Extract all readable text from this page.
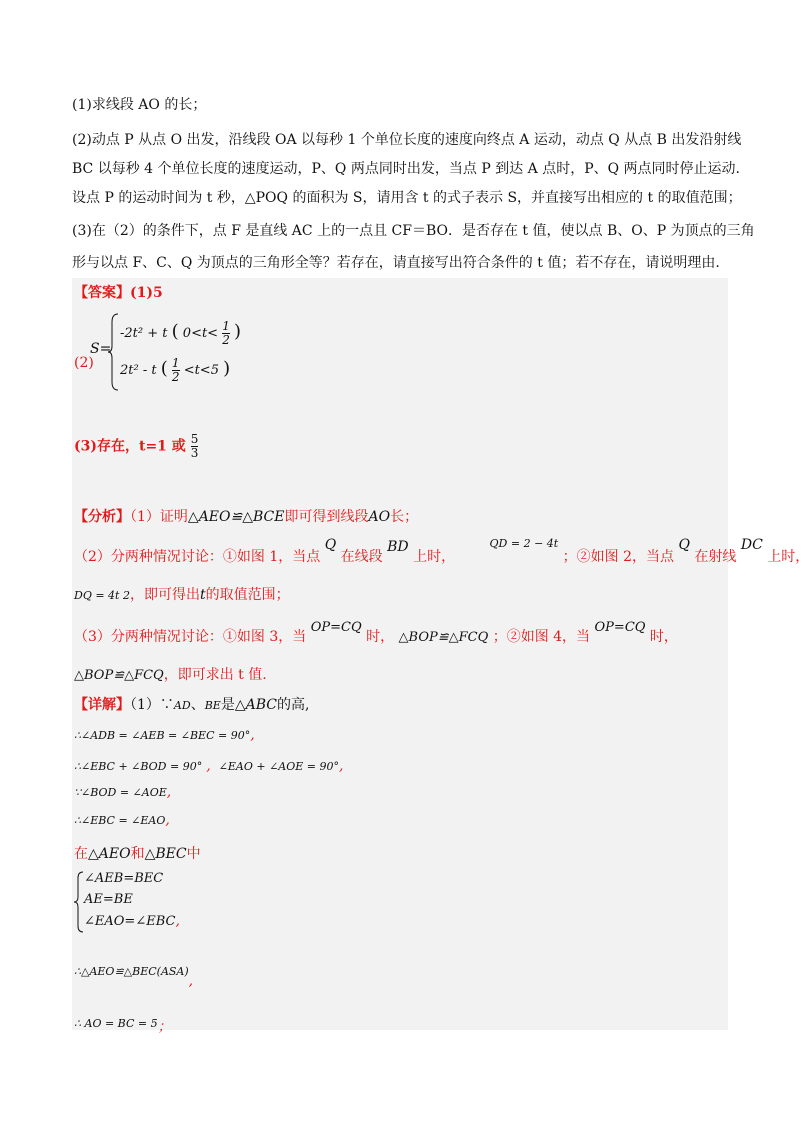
(1)求线段 AO 的长；
(2)动点 P 从点 O 出发，沿线段 OA 以每秒 1 个单位长度的速度向终点 A 运动，动点 Q 从点 B 出发沿射线
BC 以每秒 4 个单位长度的速度运动，P、Q 两点同时出发，当点 P 到达 A 点时，P、Q 两点同时停止运动.
设点 P 的运动时间为 t 秒，△POQ 的面积为 S，请用含 t 的式子表示 S，并直接写出相应的 t 的取值范围；
(3)在（2）的条件下，点 F 是直线 AC 上的一点且 CF＝BO．是否存在 t 值，使以点 B、O、P 为顶点的三角
形与以点 F、C、Q 为顶点的三角形全等？若存在，请直接写出符合条件的 t 值；若不存在，请说明理由.
【答案】(1)5
(2)
S=
-2t² + t ( $0<t< \frac{1}{2}$ )
2t² - t ( $\frac{1}{2} <t<5$ )
(3)存在，t=1 或 $\frac{5}{3}$
【分析】（1）证明△AEO≌△BCE即可得到线段AO长；
（2）分两种情况讨论：①如图 1，当点 Q 在线段 BD 上时， $^{QD = 2 - 4t}$ ；②如图 2，当点 Q 在射线 DC 上时，
DQ = 4t 2，即可得出t的取值范围；
（3）分两种情况讨论：①如图 3，当 OP=CQ 时， △BOP≌△FCQ ；②如图 4，当 OP=CQ 时，
△BOP≌△FCQ，即可求出 t 值.
【详解】（1）∵AD、BE是△ABC的高,
∴∠ADB = ∠AEB = ∠BEC = 90°,
∴∠EBC + ∠BOD = 90° , ∠EAO + ∠AOE = 90°,
∵∠BOD = ∠AOE,
∴∠EBC = ∠EAO,
在△AEO和△BEC中
∠AEB=BEC
AE=BE
∠EAO=∠EBC,
∴△AEO≌△BEC(ASA),
∴ AO = BC = 5；
